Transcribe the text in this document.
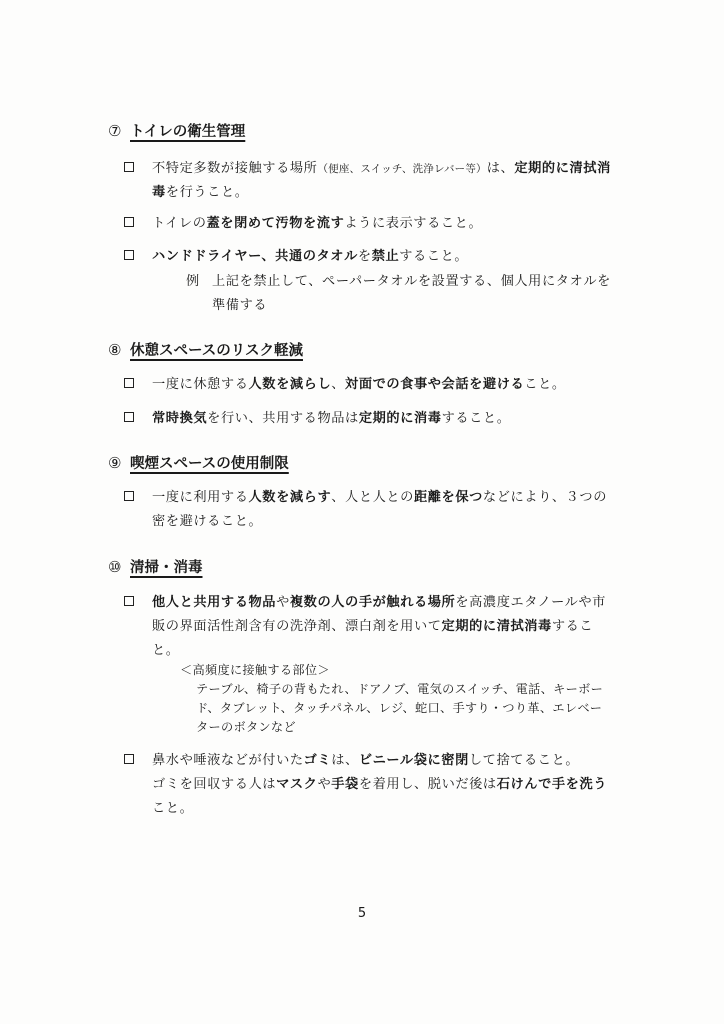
⑦ トイレの衛生管理
不特定多数が接触する場所（便座、スイッチ、洗浄レバー等）は、定期的に清拭消毒を行うこと。
トイレの蓋を閉めて汚物を流すように表示すること。
ハンドドライヤー、共通のタオルを禁止すること。
例 上記を禁止して、ペーパータオルを設置する、個人用にタオルを準備する
⑧ 休憩スペースのリスク軽減
一度に休憩する人数を減らし、対面での食事や会話を避けること。
常時換気を行い、共用する物品は定期的に消毒すること。
⑨ 喫煙スペースの使用制限
一度に利用する人数を減らす、人と人との距離を保つなどにより、３つの密を避けること。
⑩ 清掃・消毒
他人と共用する物品や複数の人の手が触れる場所を高濃度エタノールや市販の界面活性剤含有の洗浄剤、漂白剤を用いて定期的に清拭消毒すること。
＜高頻度に接触する部位＞
テーブル、椅子の背もたれ、ドアノブ、電気のスイッチ、電話、キーボード、タブレット、タッチパネル、レジ、蛇口、手すり・つり革、エレベーターのボタンなど
鼻水や唾液などが付いたゴミは、ビニール袋に密閉して捨てること。
ゴミを回収する人はマスクや手袋を着用し、脱いだ後は石けんで手を洗うこと。
5
